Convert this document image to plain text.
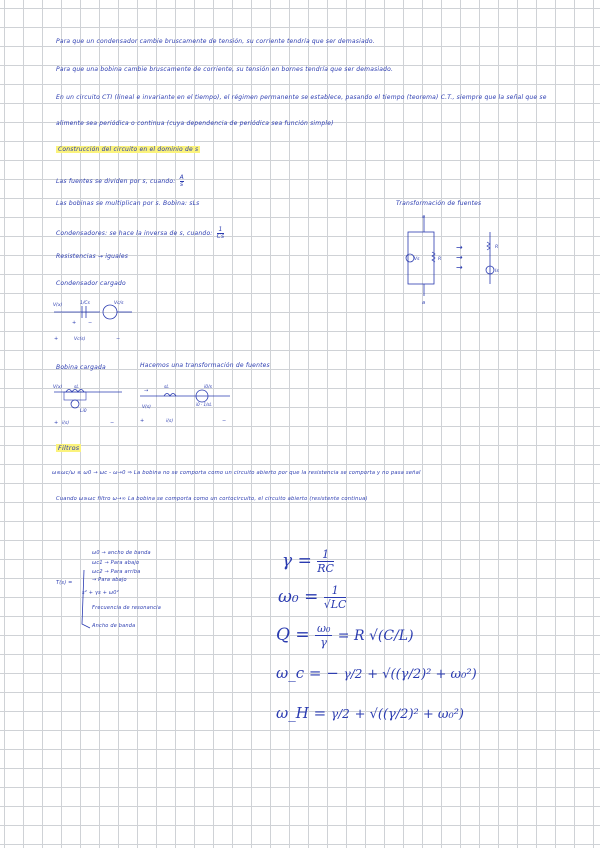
Para que un condensador cambie bruscamente de tensión, su corriente tendría que ser demasiado.
Para que una bobina cambie bruscamente de corriente, su tensión en bornes tendría que ser demasiado.
En un circuito CTI (lineal e invariante en el tiempo), el régimen permanente se establece, pasando el tiempo (teorema) C.T., siempre que la señal que se
alimente sea periódica o continua (cuya dependencia de periódica sea función simple)
Construcción del circuito en el dominio de s
Las fuentes se dividen por s, cuando: $\frac{A}{s}$
Las bobinas se multiplican por s. Bobina: sLs
Condensadores: se hace la inversa de s, cuando: $\frac{1}{Cs}$
Resistencias → iguales
Condensador cargado
V(x)	1/Cs	Vc/s
Vc(s)
+	−
+ −
Bobina cargada	Hacemos una transformación de fuentes
V(x)	sL
Li0
i(s)
+	−
→
V(s)
sL	i0/s
i0 · 1/sL
i(s)
+	−
Transformación de fuentes
a
a
Vs	R
→
→
→
R
Is
Filtros
ω≤ωc/ω ≤ ω0 → ωc - ω→0 ⇒ La bobina no se comporta como un circuito abierto por que la resistencia se comporta y no pasa señal
Cuando ω≥ωc filtro ω→∞ La bobina se comporta como un cortocircuito, el circuito abierto (resistente continua)
ω0 → ancho de banda
ωc1 → Para abajo
ωc2 → Para arriba
→ Para abajo
T(s) =
s² + γs + ω0²
Frecuencia de resonancia
Ancho de banda
$\gamma = \frac{1}{RC}$
$\omega_0 = \frac{1}{√LC}$
$Q = \frac{\text{ω₀}}{\gamma} = R$ √(C/L)
ω_c = − γ/2 + √((γ/2)² + ω₀²)
ω_H = γ/2 + √((γ/2)² + ω₀²)
